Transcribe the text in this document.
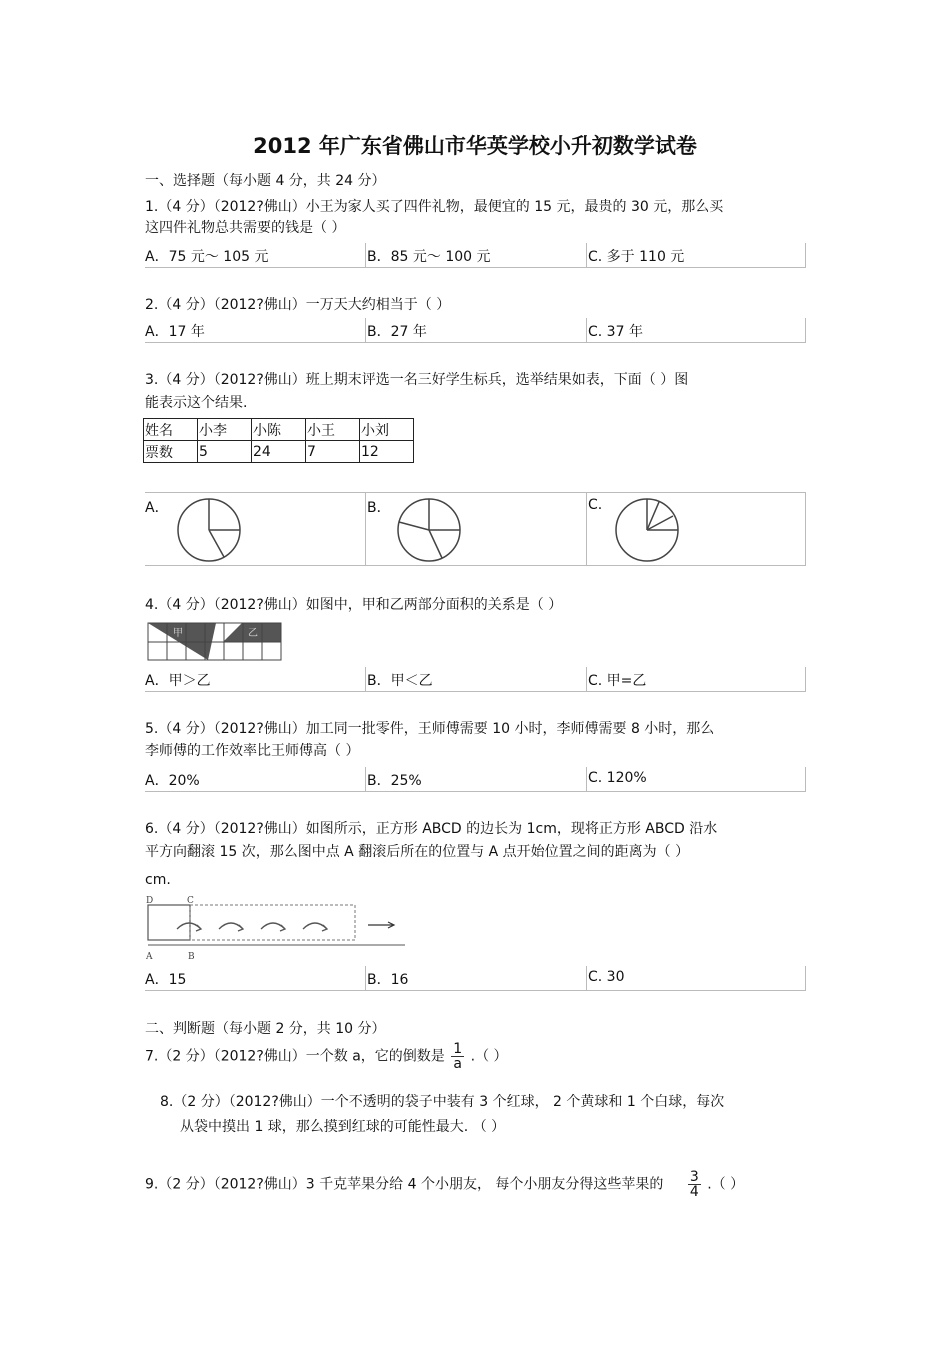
2012 年广东省佛山市华英学校小升初数学试卷
一、选择题（每小题 4 分，共 24 分）
1.（4 分）（2012?佛山）小王为家人买了四件礼物，最便宜的 15 元，最贵的 30 元，那么买
这四件礼物总共需要的钱是（ ）
A．75 元～ 105 元	B．85 元～ 100 元	C. 多于 110 元
2.（4 分）（2012?佛山）一万天大约相当于（ ）
A．17 年	B．27 年	C. 37 年
3.（4 分）（2012?佛山）班上期末评选一名三好学生标兵，选举结果如表，下面（ ）图
能表示这个结果.
姓名	小李	小陈	小王	小刘
票数	5	24	7	12
A．	B．	C.
4.（4 分）（2012?佛山）如图中，甲和乙两部分面积的关系是（ ）
甲	乙
A．甲＞乙	B．甲＜乙	C. 甲=乙
5.（4 分）（2012?佛山）加工同一批零件，王师傅需要 10 小时，李师傅需要 8 小时，那么
李师傅的工作效率比王师傅高（ ）
A．20%	B．25%	C. 120%
6.（4 分）（2012?佛山）如图所示，正方形 ABCD 的边长为 1cm，现将正方形 ABCD 沿水
平方向翻滚 15 次，那么图中点 A 翻滚后所在的位置与 A 点开始位置之间的距离为（ ）
cm.
D	C
A	B
A．15	B．16	C. 30
二、判断题（每小题 2 分，共 10 分）
7.（2 分）（2012?佛山）一个数 a，它的倒数是 $\frac{1}{a}$ .（ ）
8.（2 分）（2012?佛山）一个不透明的袋子中装有 3 个红球， 2 个黄球和 1 个白球，每次
从袋中摸出 1 球，那么摸到红球的可能性最大. （ ）
9.（2 分）（2012?佛山）3 千克苹果分给 4 个小朋友， 每个小朋友分得这些苹果的 $\frac{3}{4}$ .（ ）
